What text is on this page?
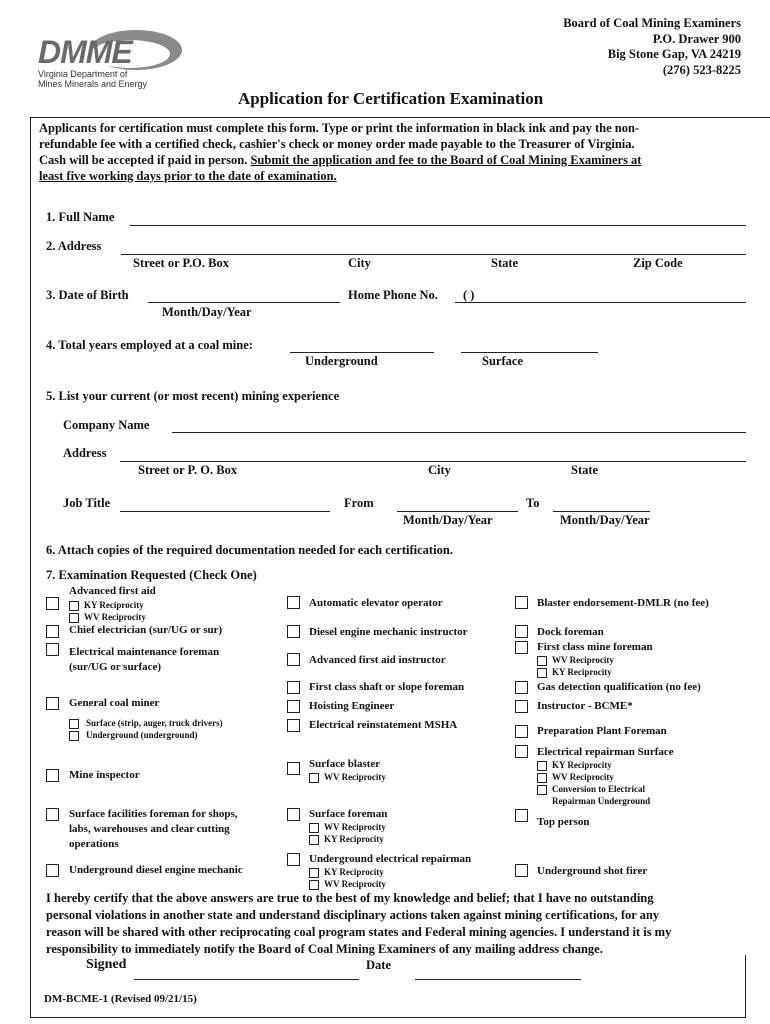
DMME
Virginia Department of
Mines Minerals and Energy
Board of Coal Mining Examiners
P.O. Drawer 900
Big Stone Gap, VA 24219
(276) 523-8225
Application for Certification Examination
Applicants for certification must complete this form. Type or print the information in black ink and pay the non-
refundable fee with a certified check, cashier's check or money order made payable to the Treasurer of Virginia.
Cash will be accepted if paid in person. Submit the application and fee to the Board of Coal Mining Examiners at
least five working days prior to the date of examination.
1. Full Name
2. Address
Street or P.O. Box	City	State	Zip Code
3. Date of Birth
Month/Day/Year
Home Phone No. ( )
4. Total years employed at a coal mine:
Underground	Surface
5. List your current (or most recent) mining experience
Company Name
Address
Street or P. O. Box	City	State
Job Title	From	To
Month/Day/Year	Month/Day/Year
6. Attach copies of the required documentation needed for each certification.
7. Examination Requested (Check One)
Advanced first aid
KY Reciprocity
WV Reciprocity
Chief electrician (sur/UG or sur)
Electrical maintenance foreman
(sur/UG or surface)
General coal miner
Surface (strip, auger, truck drivers)
Underground (underground)
Mine inspector
Surface facilities foreman for shops,
labs, warehouses and clear cutting
operations
Underground diesel engine mechanic
Automatic elevator operator
Diesel engine mechanic instructor
Advanced first aid instructor
First class shaft or slope foreman
Hoisting Engineer
Electrical reinstatement MSHA
Surface blaster
WV Reciprocity
Surface foreman
WV Reciprocity
KY Reciprocity
Underground electrical repairman
KY Reciprocity
WV Reciprocity
Blaster endorsement-DMLR (no fee)
Dock foreman
First class mine foreman
WV Reciprocity
KY Reciprocity
Gas detection qualification (no fee)
Instructor - BCME*
Preparation Plant Foreman
Electrical repairman Surface
KY Reciprocity
WV Reciprocity
Conversion to Electrical
Repairman Underground
Top person
Underground shot firer
I hereby certify that the above answers are true to the best of my knowledge and belief; that I have no outstanding
personal violations in another state and understand disciplinary actions taken against mining certifications, for any
reason will be shared with other reciprocating coal program states and Federal mining agencies. I understand it is my
responsibility to immediately notify the Board of Coal Mining Examiners of any mailing address change.
Signed	Date
DM-BCME-1 (Revised 09/21/15)
